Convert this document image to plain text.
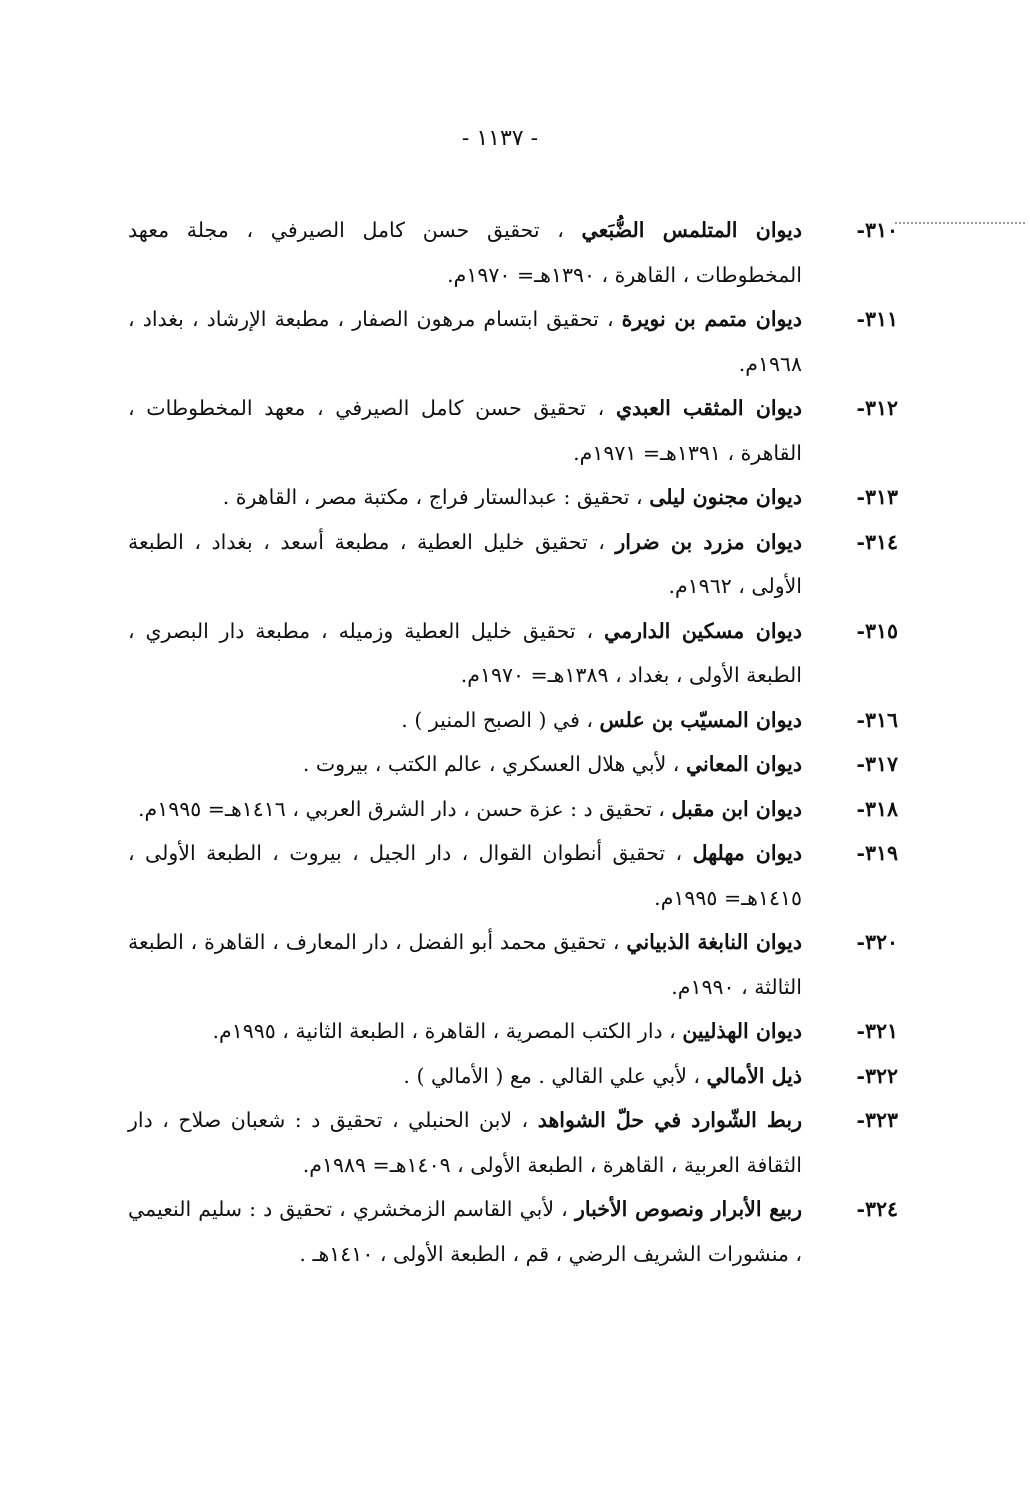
- ١١٣٧ -
٣١٠-
ديوان المتلمس الضُّبَعي ، تحقيق حسن كامل الصيرفي ، مجلة معهد المخطوطات ، القاهرة ، ١٣٩٠هـ= ١٩٧٠م.
٣١١-
ديوان متمم بن نويرة ، تحقيق ابتسام مرهون الصفار ، مطبعة الإرشاد ، بغداد ، ١٩٦٨م.
٣١٢-
ديوان المثقب العبدي ، تحقيق حسن كامل الصيرفي ، معهد المخطوطات ، القاهرة ، ١٣٩١هـ= ١٩٧١م.
٣١٣-
ديوان مجنون ليلى ، تحقيق : عبدالستار فراج ، مكتبة مصر ، القاهرة .
٣١٤-
ديوان مزرد بن ضرار ، تحقيق خليل العطية ، مطبعة أسعد ، بغداد ، الطبعة الأولى ، ١٩٦٢م.
٣١٥-
ديوان مسكين الدارمي ، تحقيق خليل العطية وزميله ، مطبعة دار البصري ، الطبعة الأولى ، بغداد ، ١٣٨٩هـ= ١٩٧٠م.
٣١٦-
ديوان المسيّب بن علس ، في ( الصبح المنير ) .
٣١٧-
ديوان المعاني ، لأبي هلال العسكري ، عالم الكتب ، بيروت .
٣١٨-
ديوان ابن مقبل ، تحقيق د : عزة حسن ، دار الشرق العربي ، ١٤١٦هـ= ١٩٩٥م.
٣١٩-
ديوان مهلهل ، تحقيق أنطوان القوال ، دار الجيل ، بيروت ، الطبعة الأولى ، ١٤١٥هـ= ١٩٩٥م.
٣٢٠-
ديوان النابغة الذبياني ، تحقيق محمد أبو الفضل ، دار المعارف ، القاهرة ، الطبعة الثالثة ، ١٩٩٠م.
٣٢١-
ديوان الهذليين ، دار الكتب المصرية ، القاهرة ، الطبعة الثانية ، ١٩٩٥م.
٣٢٢-
ذيل الأمالي ، لأبي علي القالي . مع ( الأمالي ) .
٣٢٣-
ربط الشّوارد في حلّ الشواهد ، لابن الحنبلي ، تحقيق د : شعبان صلاح ، دار الثقافة العربية ، القاهرة ، الطبعة الأولى ، ١٤٠٩هـ= ١٩٨٩م.
٣٢٤-
ربيع الأبرار ونصوص الأخبار ، لأبي القاسم الزمخشري ، تحقيق د : سليم النعيمي ، منشورات الشريف الرضي ، قم ، الطبعة الأولى ، ١٤١٠هـ .
